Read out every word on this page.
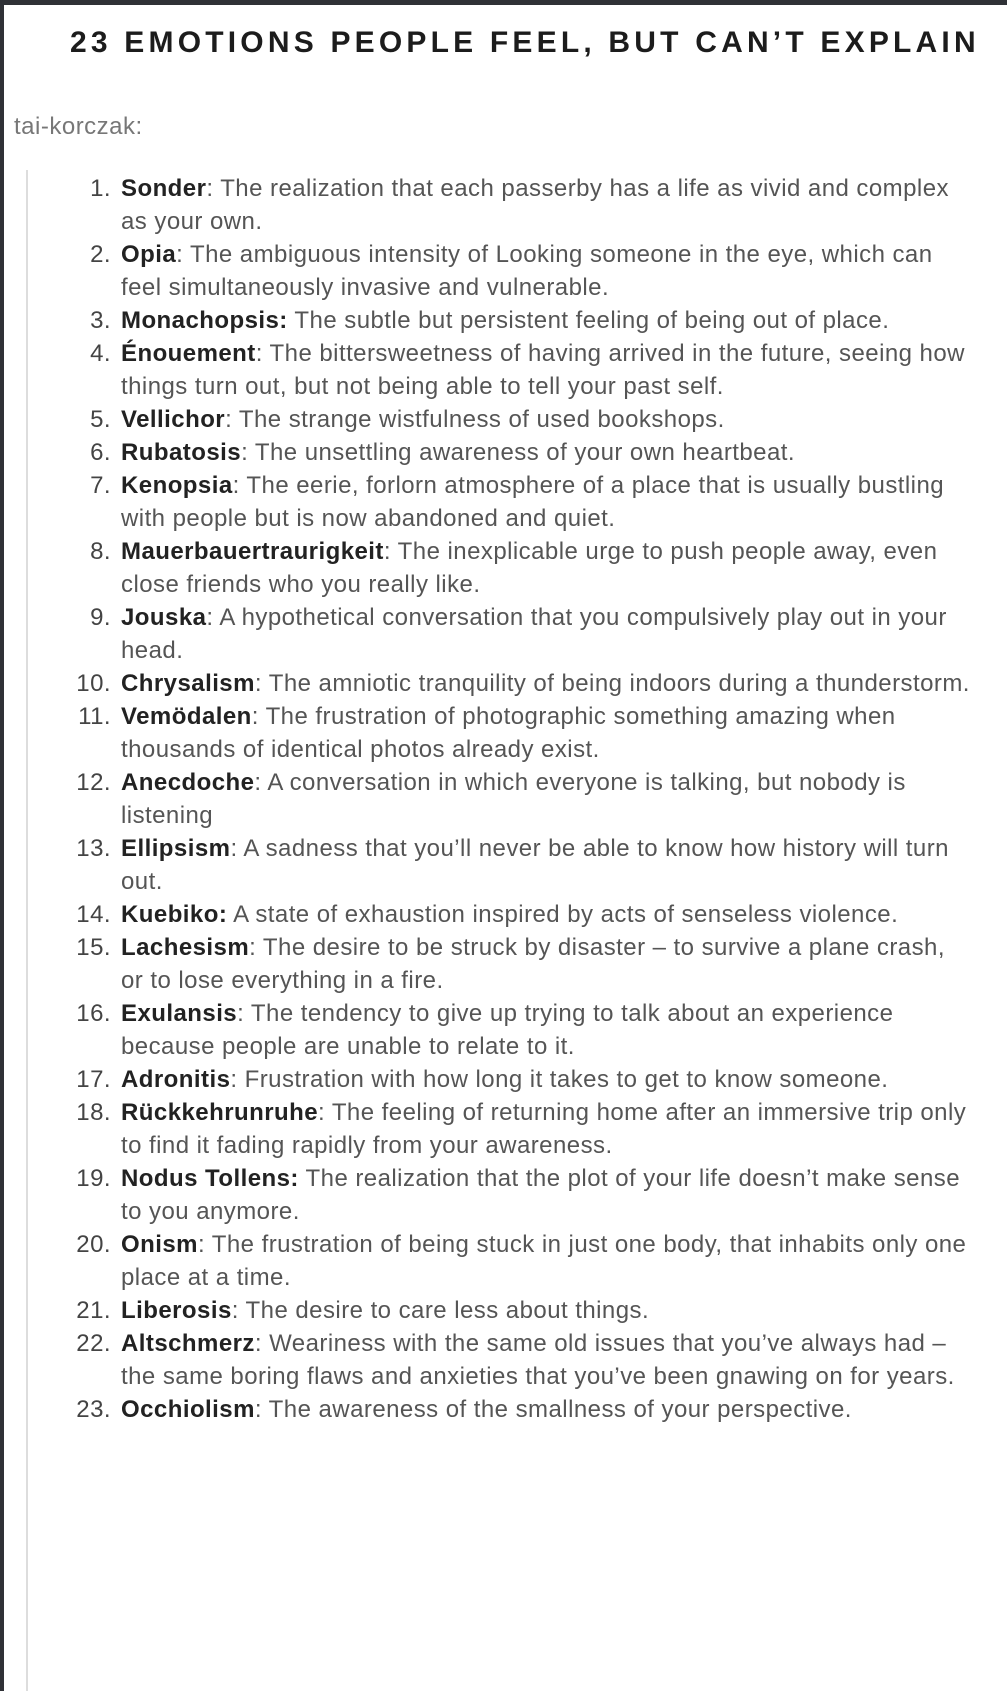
23 EMOTIONS PEOPLE FEEL, BUT CAN’T EXPLAIN
tai-korczak:
1. Sonder: The realization that each passerby has a life as vivid and complex as your own.
2. Opia: The ambiguous intensity of Looking someone in the eye, which can feel simultaneously invasive and vulnerable.
3. Monachopsis: The subtle but persistent feeling of being out of place.
4. Énouement: The bittersweetness of having arrived in the future, seeing how things turn out, but not being able to tell your past self.
5. Vellichor: The strange wistfulness of used bookshops.
6. Rubatosis: The unsettling awareness of your own heartbeat.
7. Kenopsia: The eerie, forlorn atmosphere of a place that is usually bustling with people but is now abandoned and quiet.
8. Mauerbauertraurigkeit: The inexplicable urge to push people away, even close friends who you really like.
9. Jouska: A hypothetical conversation that you compulsively play out in your head.
10. Chrysalism: The amniotic tranquility of being indoors during a thunderstorm.
11. Vemödalen: The frustration of photographic something amazing when thousands of identical photos already exist.
12. Anecdoche: A conversation in which everyone is talking, but nobody is listening
13. Ellipsism: A sadness that you’ll never be able to know how history will turn out.
14. Kuebiko: A state of exhaustion inspired by acts of senseless violence.
15. Lachesism: The desire to be struck by disaster – to survive a plane crash, or to lose everything in a fire.
16. Exulansis: The tendency to give up trying to talk about an experience because people are unable to relate to it.
17. Adronitis: Frustration with how long it takes to get to know someone.
18. Rückkehrunruhe: The feeling of returning home after an immersive trip only to find it fading rapidly from your awareness.
19. Nodus Tollens: The realization that the plot of your life doesn’t make sense to you anymore.
20. Onism: The frustration of being stuck in just one body, that inhabits only one place at a time.
21. Liberosis: The desire to care less about things.
22. Altschmerz: Weariness with the same old issues that you’ve always had – the same boring flaws and anxieties that you’ve been gnawing on for years.
23. Occhiolism: The awareness of the smallness of your perspective.
